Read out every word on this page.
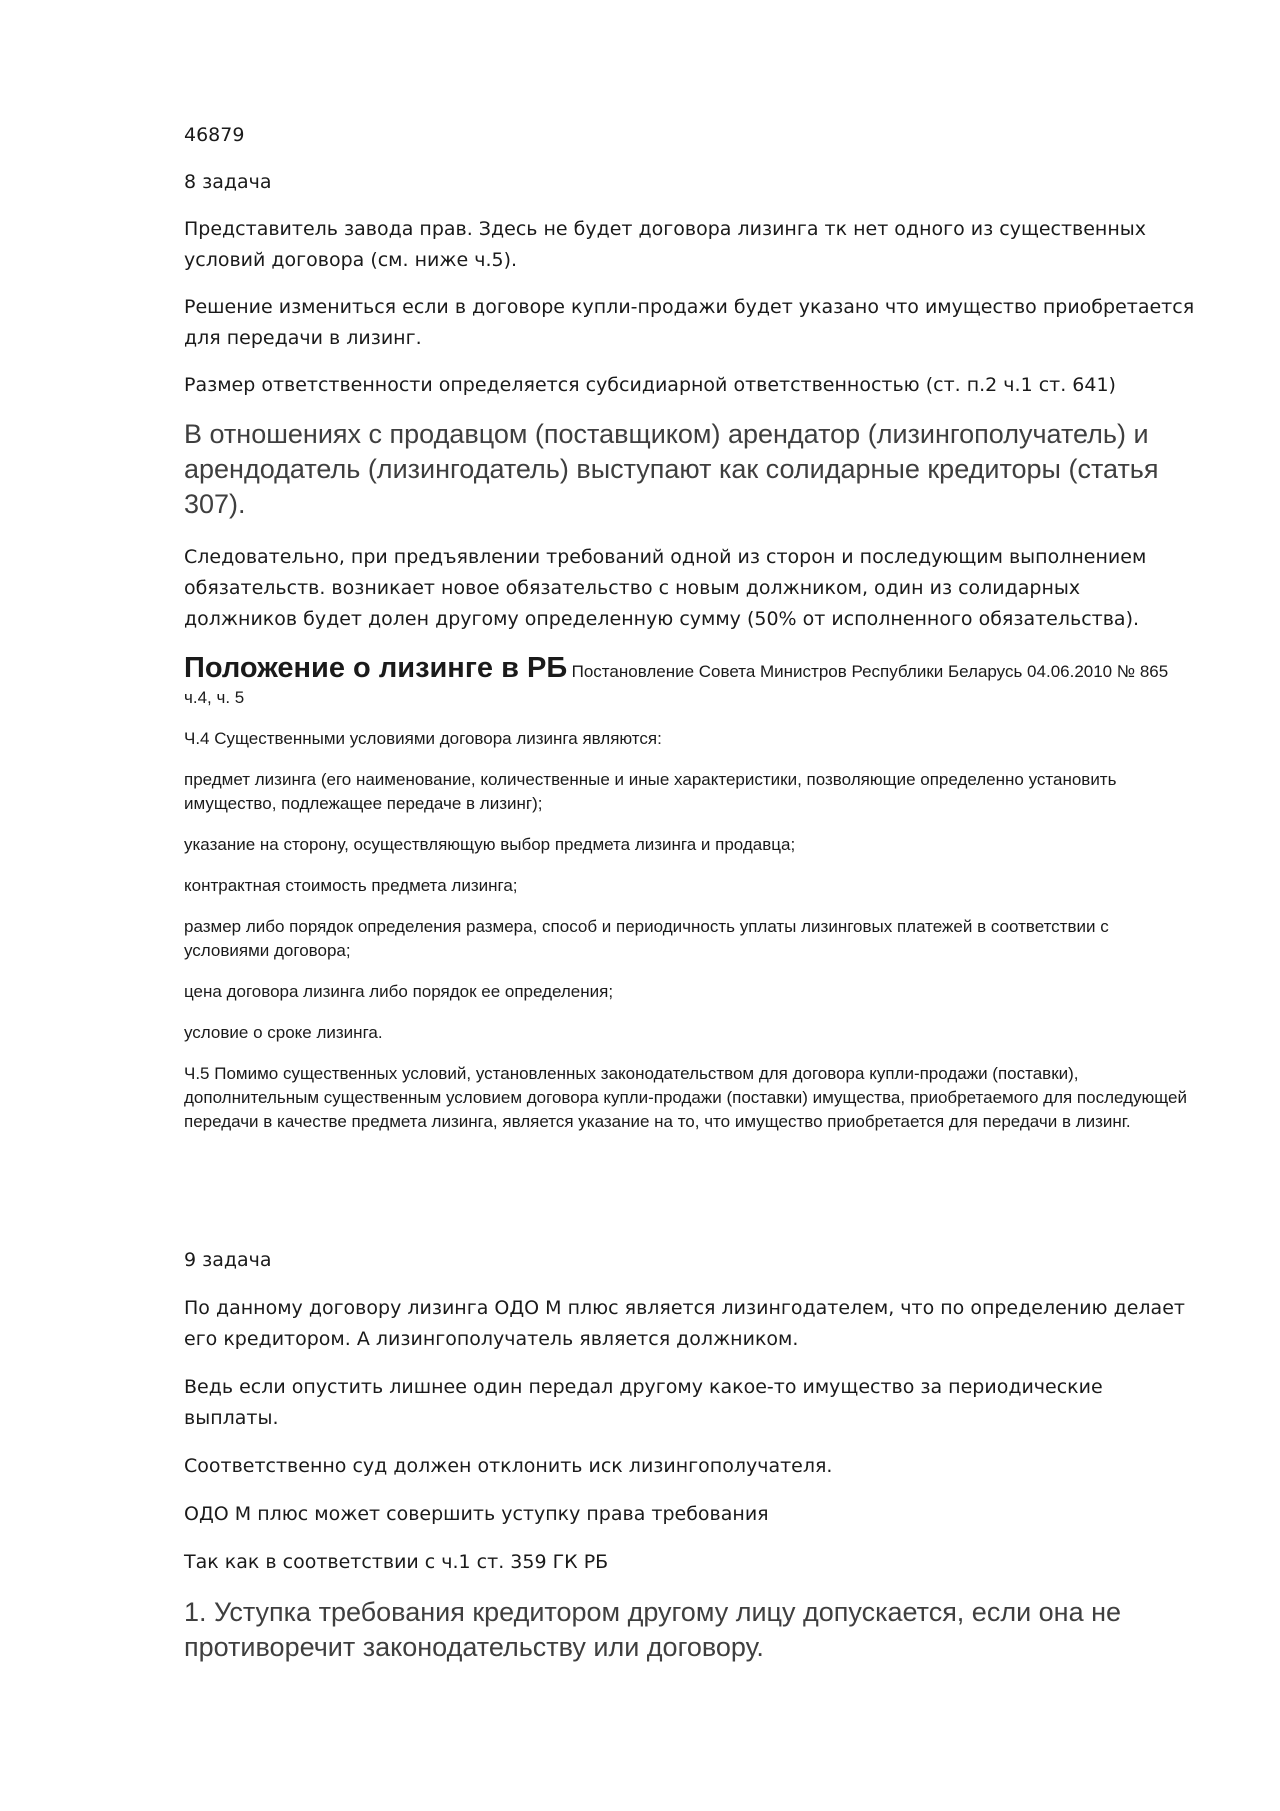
46879

8 задача

Представитель завода прав. Здесь не будет договора лизинга тк нет одного из существенных условий договора (см. ниже ч.5).

Решение измениться если в договоре купли-продажи будет указано что имущество приобретается для передачи в лизинг.

Размер ответственности определяется субсидиарной ответственностью (ст. п.2 ч.1 ст. 641)

В отношениях с продавцом (поставщиком) арендатор (лизингополучатель) и арендодатель (лизингодатель) выступают как солидарные кредиторы (статья 307).

Следовательно, при предъявлении требований одной из сторон и последующим выполнением обязательств. возникает новое обязательство с новым должником, один из солидарных должников будет долен другому определенную сумму (50% от исполненного обязательства).

Положение о лизинге в РБ Постановление Совета Министров Республики Беларусь 04.06.2010 № 865 ч.4, ч. 5

Ч.4 Существенными условиями договора лизинга являются:

предмет лизинга (его наименование, количественные и иные характеристики, позволяющие определенно установить имущество, подлежащее передаче в лизинг);

указание на сторону, осуществляющую выбор предмета лизинга и продавца;

контрактная стоимость предмета лизинга;

размер либо порядок определения размера, способ и периодичность уплаты лизинговых платежей в соответствии с условиями договора;

цена договора лизинга либо порядок ее определения;

условие о сроке лизинга.

Ч.5 Помимо существенных условий, установленных законодательством для договора купли-продажи (поставки), дополнительным существенным условием договора купли-продажи (поставки) имущества, приобретаемого для последующей передачи в качестве предмета лизинга, является указание на то, что имущество приобретается для передачи в лизинг.

9 задача

По данному договору лизинга ОДО М плюс является лизингодателем, что по определению делает его кредитором. А лизингополучатель является должником.

Ведь если опустить лишнее один передал другому какое-то имущество за периодические выплаты.

Соответственно суд должен отклонить иск лизингополучателя.

ОДО М плюс может совершить уступку права требования

Так как в соответствии с ч.1 ст. 359 ГК РБ

1. Уступка требования кредитором другому лицу допускается, если она не противоречит законодательству или договору.
